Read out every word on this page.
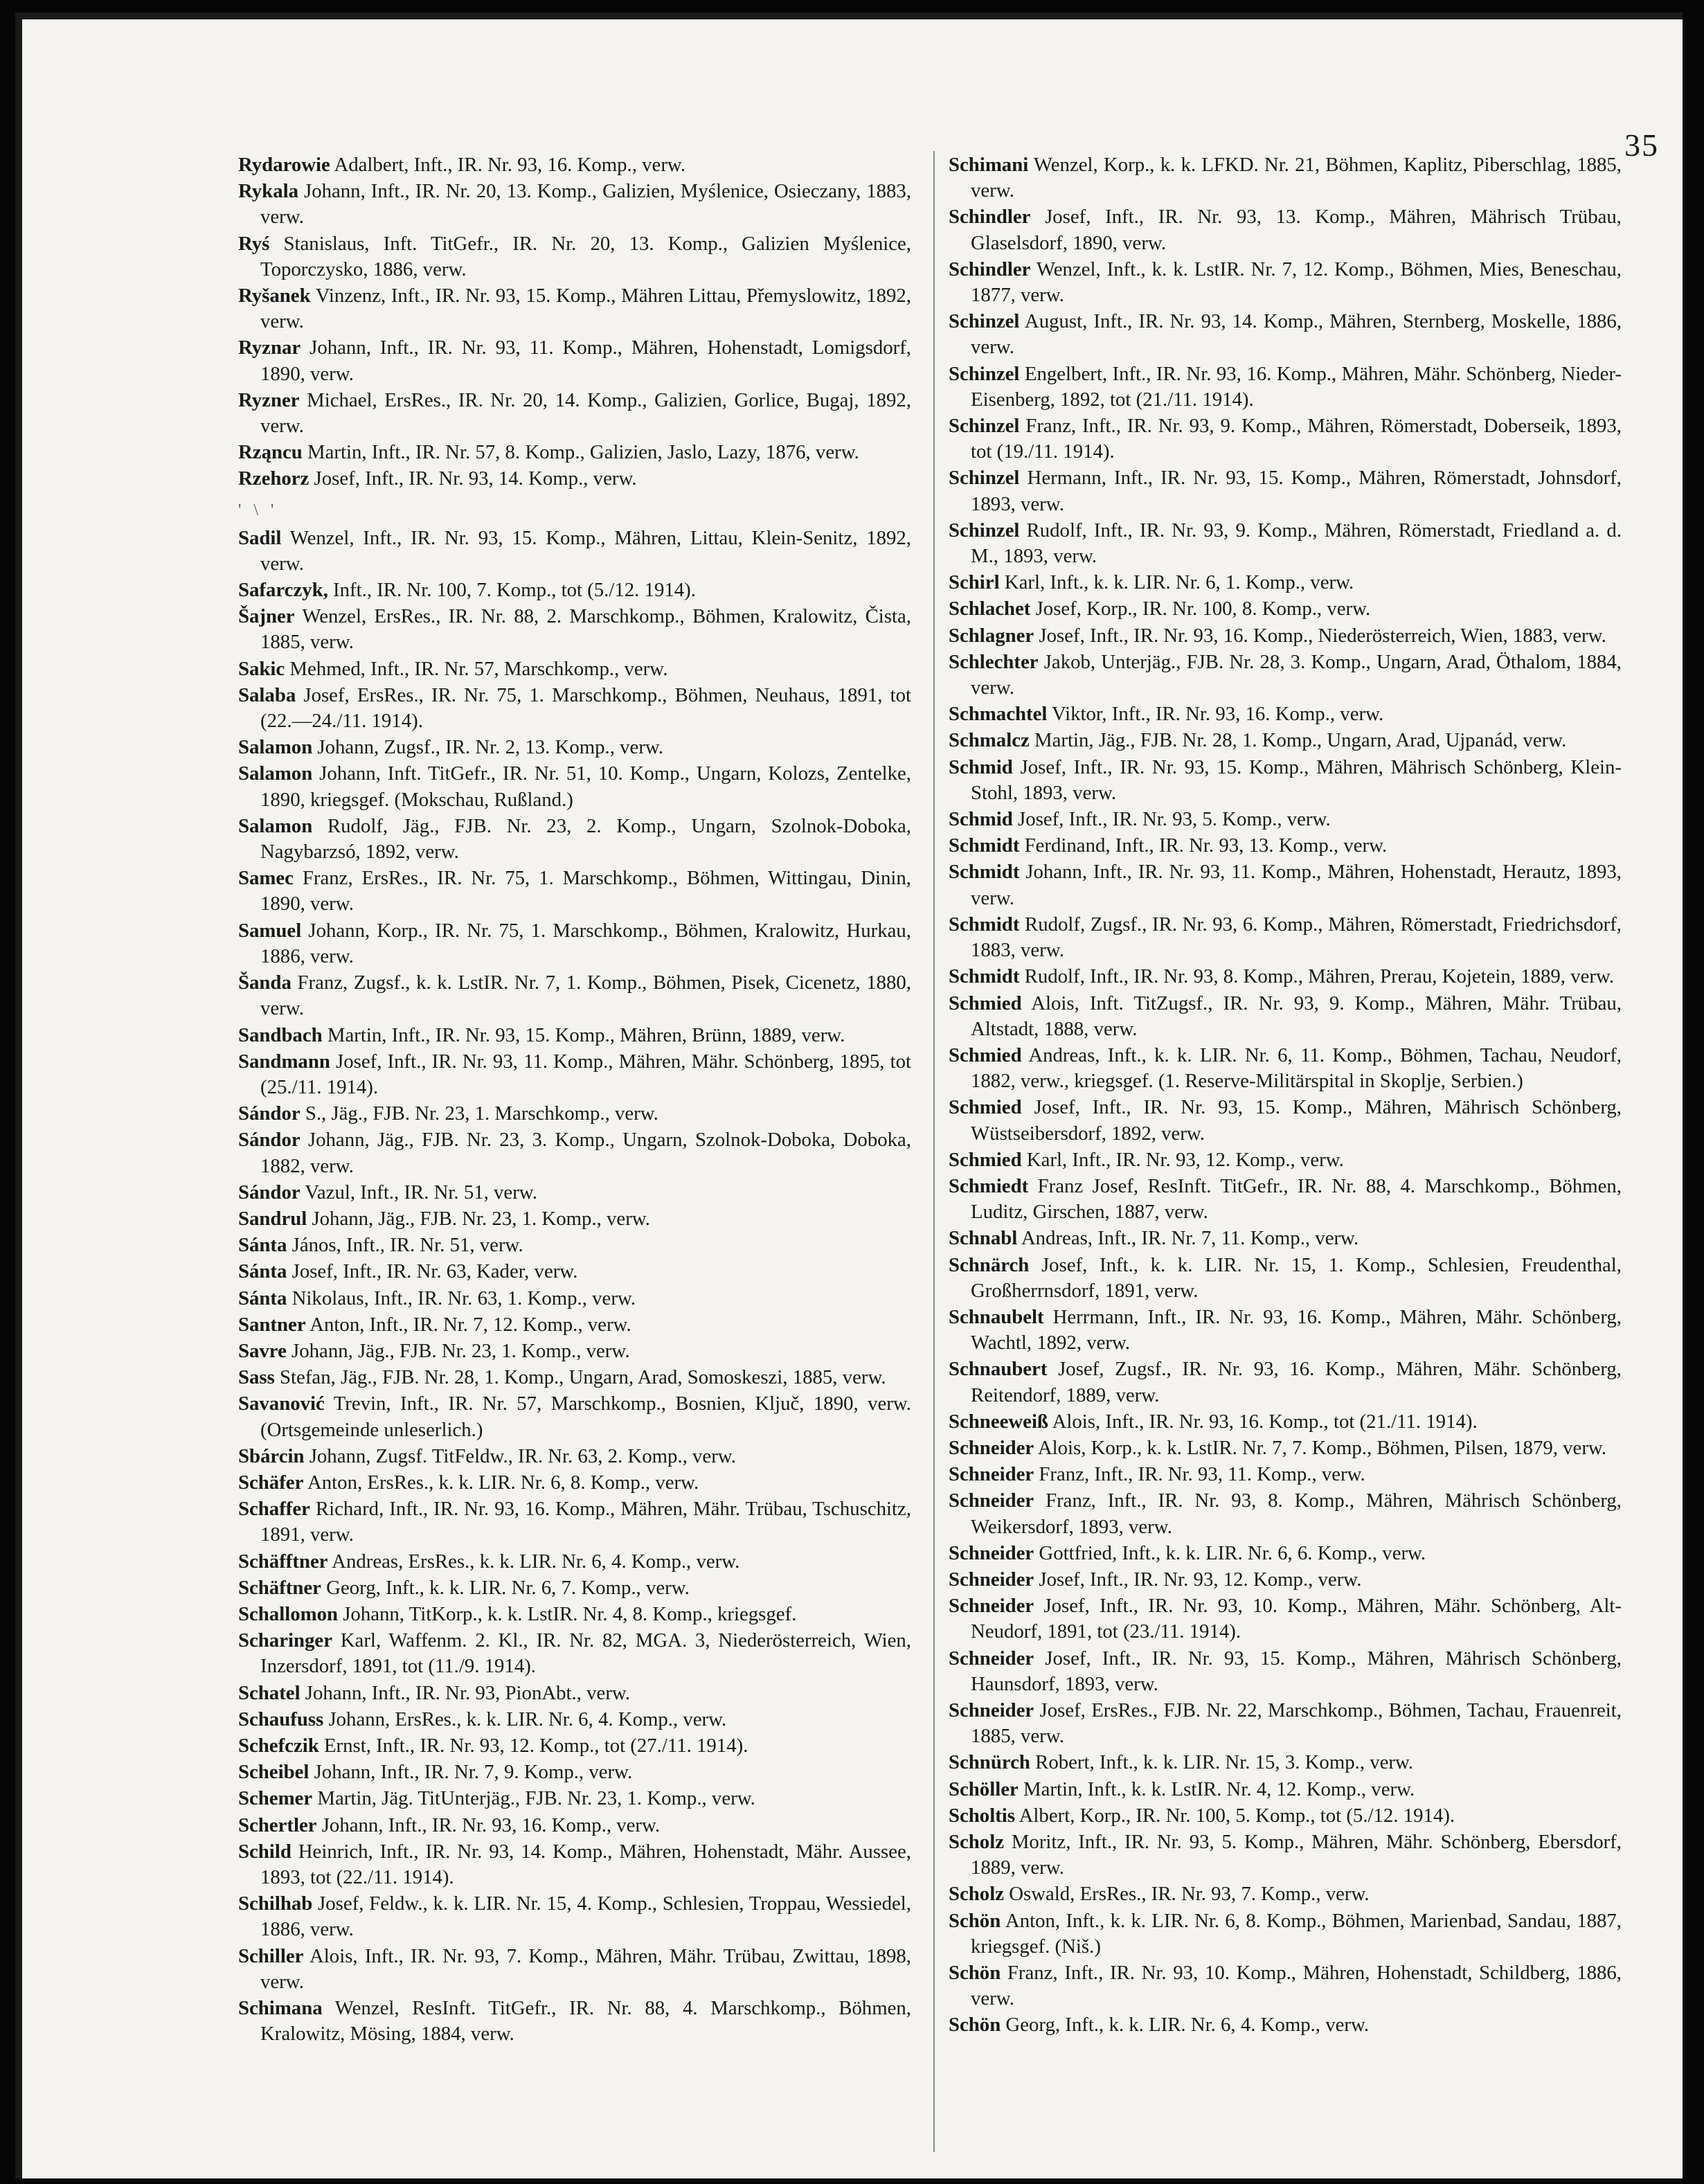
35
Rydarowie Adalbert, Inft., IR. Nr. 93, 16. Komp., verw.
Rykala Johann, Inft., IR. Nr. 20, 13. Komp., Galizien, Myślenice, Osieczany, 1883, verw.
Ryś Stanislaus, Inft. TitGefr., IR. Nr. 20, 13. Komp., Galizien Myślenice, Toporczysko, 1886, verw.
Ryšanek Vinzenz, Inft., IR. Nr. 93, 15. Komp., Mähren Littau, Přemyslowitz, 1892, verw.
Ryznar Johann, Inft., IR. Nr. 93, 11. Komp., Mähren, Hohenstadt, Lomigsdorf, 1890, verw.
Ryzner Michael, ErsRes., IR. Nr. 20, 14. Komp., Galizien, Gorlice, Bugaj, 1892, verw.
Rząncu Martin, Inft., IR. Nr. 57, 8. Komp., Galizien, Jaslo, Lazy, 1876, verw.
Rzehorz Josef, Inft., IR. Nr. 93, 14. Komp., verw.
' \ '
Sadil Wenzel, Inft., IR. Nr. 93, 15. Komp., Mähren, Littau, Klein-Senitz, 1892, verw.
Safarczyk, Inft., IR. Nr. 100, 7. Komp., tot (5./12. 1914).
Šajner Wenzel, ErsRes., IR. Nr. 88, 2. Marschkomp., Böhmen, Kralowitz, Čista, 1885, verw.
Sakic Mehmed, Inft., IR. Nr. 57, Marschkomp., verw.
Salaba Josef, ErsRes., IR. Nr. 75, 1. Marschkomp., Böhmen, Neuhaus, 1891, tot (22.—24./11. 1914).
Salamon Johann, Zugsf., IR. Nr. 2, 13. Komp., verw.
Salamon Johann, Inft. TitGefr., IR. Nr. 51, 10. Komp., Ungarn, Kolozs, Zentelke, 1890, kriegsgef. (Mokschau, Rußland.)
Salamon Rudolf, Jäg., FJB. Nr. 23, 2. Komp., Ungarn, Szolnok-Doboka, Nagybarzsó, 1892, verw.
Samec Franz, ErsRes., IR. Nr. 75, 1. Marschkomp., Böhmen, Wittingau, Dinin, 1890, verw.
Samuel Johann, Korp., IR. Nr. 75, 1. Marschkomp., Böhmen, Kralowitz, Hurkau, 1886, verw.
Šanda Franz, Zugsf., k. k. LstIR. Nr. 7, 1. Komp., Böhmen, Pisek, Cicenetz, 1880, verw.
Sandbach Martin, Inft., IR. Nr. 93, 15. Komp., Mähren, Brünn, 1889, verw.
Sandmann Josef, Inft., IR. Nr. 93, 11. Komp., Mähren, Mähr. Schönberg, 1895, tot (25./11. 1914).
Sándor S., Jäg., FJB. Nr. 23, 1. Marschkomp., verw.
Sándor Johann, Jäg., FJB. Nr. 23, 3. Komp., Ungarn, Szolnok-Doboka, Doboka, 1882, verw.
Sándor Vazul, Inft., IR. Nr. 51, verw.
Sandrul Johann, Jäg., FJB. Nr. 23, 1. Komp., verw.
Sánta János, Inft., IR. Nr. 51, verw.
Sánta Josef, Inft., IR. Nr. 63, Kader, verw.
Sánta Nikolaus, Inft., IR. Nr. 63, 1. Komp., verw.
Santner Anton, Inft., IR. Nr. 7, 12. Komp., verw.
Savre Johann, Jäg., FJB. Nr. 23, 1. Komp., verw.
Sass Stefan, Jäg., FJB. Nr. 28, 1. Komp., Ungarn, Arad, Somoskeszi, 1885, verw.
Savanović Trevin, Inft., IR. Nr. 57, Marschkomp., Bosnien, Ključ, 1890, verw. (Ortsgemeinde unleserlich.)
Sbárcin Johann, Zugsf. TitFeldw., IR. Nr. 63, 2. Komp., verw.
Schäfer Anton, ErsRes., k. k. LIR. Nr. 6, 8. Komp., verw.
Schaffer Richard, Inft., IR. Nr. 93, 16. Komp., Mähren, Mähr. Trübau, Tschuschitz, 1891, verw.
Schäfftner Andreas, ErsRes., k. k. LIR. Nr. 6, 4. Komp., verw.
Schäftner Georg, Inft., k. k. LIR. Nr. 6, 7. Komp., verw.
Schallomon Johann, TitKorp., k. k. LstIR. Nr. 4, 8. Komp., kriegsgef.
Scharinger Karl, Waffenm. 2. Kl., IR. Nr. 82, MGA. 3, Niederösterreich, Wien, Inzersdorf, 1891, tot (11./9. 1914).
Schatel Johann, Inft., IR. Nr. 93, PionAbt., verw.
Schaufuss Johann, ErsRes., k. k. LIR. Nr. 6, 4. Komp., verw.
Schefczik Ernst, Inft., IR. Nr. 93, 12. Komp., tot (27./11. 1914).
Scheibel Johann, Inft., IR. Nr. 7, 9. Komp., verw.
Schemer Martin, Jäg. TitUnterjäg., FJB. Nr. 23, 1. Komp., verw.
Schertler Johann, Inft., IR. Nr. 93, 16. Komp., verw.
Schild Heinrich, Inft., IR. Nr. 93, 14. Komp., Mähren, Hohenstadt, Mähr. Aussee, 1893, tot (22./11. 1914).
Schilhab Josef, Feldw., k. k. LIR. Nr. 15, 4. Komp., Schlesien, Troppau, Wessiedel, 1886, verw.
Schiller Alois, Inft., IR. Nr. 93, 7. Komp., Mähren, Mähr. Trübau, Zwittau, 1898, verw.
Schimana Wenzel, ResInft. TitGefr., IR. Nr. 88, 4. Marschkomp., Böhmen, Kralowitz, Mösing, 1884, verw.
Schimani Wenzel, Korp., k. k. LFKD. Nr. 21, Böhmen, Kaplitz, Piberschlag, 1885, verw.
Schindler Josef, Inft., IR. Nr. 93, 13. Komp., Mähren, Mährisch Trübau, Glaselsdorf, 1890, verw.
Schindler Wenzel, Inft., k. k. LstIR. Nr. 7, 12. Komp., Böhmen, Mies, Beneschau, 1877, verw.
Schinzel August, Inft., IR. Nr. 93, 14. Komp., Mähren, Sternberg, Moskelle, 1886, verw.
Schinzel Engelbert, Inft., IR. Nr. 93, 16. Komp., Mähren, Mähr. Schönberg, Nieder-Eisenberg, 1892, tot (21./11. 1914).
Schinzel Franz, Inft., IR. Nr. 93, 9. Komp., Mähren, Römerstadt, Doberseik, 1893, tot (19./11. 1914).
Schinzel Hermann, Inft., IR. Nr. 93, 15. Komp., Mähren, Römerstadt, Johnsdorf, 1893, verw.
Schinzel Rudolf, Inft., IR. Nr. 93, 9. Komp., Mähren, Römerstadt, Friedland a. d. M., 1893, verw.
Schirl Karl, Inft., k. k. LIR. Nr. 6, 1. Komp., verw.
Schlachet Josef, Korp., IR. Nr. 100, 8. Komp., verw.
Schlagner Josef, Inft., IR. Nr. 93, 16. Komp., Niederösterreich, Wien, 1883, verw.
Schlechter Jakob, Unterjäg., FJB. Nr. 28, 3. Komp., Ungarn, Arad, Öthalom, 1884, verw.
Schmachtel Viktor, Inft., IR. Nr. 93, 16. Komp., verw.
Schmalcz Martin, Jäg., FJB. Nr. 28, 1. Komp., Ungarn, Arad, Ujpanád, verw.
Schmid Josef, Inft., IR. Nr. 93, 15. Komp., Mähren, Mährisch Schönberg, Klein-Stohl, 1893, verw.
Schmid Josef, Inft., IR. Nr. 93, 5. Komp., verw.
Schmidt Ferdinand, Inft., IR. Nr. 93, 13. Komp., verw.
Schmidt Johann, Inft., IR. Nr. 93, 11. Komp., Mähren, Hohenstadt, Herautz, 1893, verw.
Schmidt Rudolf, Zugsf., IR. Nr. 93, 6. Komp., Mähren, Römerstadt, Friedrichsdorf, 1883, verw.
Schmidt Rudolf, Inft., IR. Nr. 93, 8. Komp., Mähren, Prerau, Kojetein, 1889, verw.
Schmied Alois, Inft. TitZugsf., IR. Nr. 93, 9. Komp., Mähren, Mähr. Trübau, Altstadt, 1888, verw.
Schmied Andreas, Inft., k. k. LIR. Nr. 6, 11. Komp., Böhmen, Tachau, Neudorf, 1882, verw., kriegsgef. (1. Reserve-Militärspital in Skoplje, Serbien.)
Schmied Josef, Inft., IR. Nr. 93, 15. Komp., Mähren, Mährisch Schönberg, Wüstseibersdorf, 1892, verw.
Schmied Karl, Inft., IR. Nr. 93, 12. Komp., verw.
Schmiedt Franz Josef, ResInft. TitGefr., IR. Nr. 88, 4. Marschkomp., Böhmen, Luditz, Girschen, 1887, verw.
Schnabl Andreas, Inft., IR. Nr. 7, 11. Komp., verw.
Schnärch Josef, Inft., k. k. LIR. Nr. 15, 1. Komp., Schlesien, Freudenthal, Großherrnsdorf, 1891, verw.
Schnaubelt Herrmann, Inft., IR. Nr. 93, 16. Komp., Mähren, Mähr. Schönberg, Wachtl, 1892, verw.
Schnaubert Josef, Zugsf., IR. Nr. 93, 16. Komp., Mähren, Mähr. Schönberg, Reitendorf, 1889, verw.
Schneeweiß Alois, Inft., IR. Nr. 93, 16. Komp., tot (21./11. 1914).
Schneider Alois, Korp., k. k. LstIR. Nr. 7, 7. Komp., Böhmen, Pilsen, 1879, verw.
Schneider Franz, Inft., IR. Nr. 93, 11. Komp., verw.
Schneider Franz, Inft., IR. Nr. 93, 8. Komp., Mähren, Mährisch Schönberg, Weikersdorf, 1893, verw.
Schneider Gottfried, Inft., k. k. LIR. Nr. 6, 6. Komp., verw.
Schneider Josef, Inft., IR. Nr. 93, 12. Komp., verw.
Schneider Josef, Inft., IR. Nr. 93, 10. Komp., Mähren, Mähr. Schönberg, Alt-Neudorf, 1891, tot (23./11. 1914).
Schneider Josef, Inft., IR. Nr. 93, 15. Komp., Mähren, Mährisch Schönberg, Haunsdorf, 1893, verw.
Schneider Josef, ErsRes., FJB. Nr. 22, Marschkomp., Böhmen, Tachau, Frauenreit, 1885, verw.
Schnürch Robert, Inft., k. k. LIR. Nr. 15, 3. Komp., verw.
Schöller Martin, Inft., k. k. LstIR. Nr. 4, 12. Komp., verw.
Scholtis Albert, Korp., IR. Nr. 100, 5. Komp., tot (5./12. 1914).
Scholz Moritz, Inft., IR. Nr. 93, 5. Komp., Mähren, Mähr. Schönberg, Ebersdorf, 1889, verw.
Scholz Oswald, ErsRes., IR. Nr. 93, 7. Komp., verw.
Schön Anton, Inft., k. k. LIR. Nr. 6, 8. Komp., Böhmen, Marienbad, Sandau, 1887, kriegsgef. (Niš.)
Schön Franz, Inft., IR. Nr. 93, 10. Komp., Mähren, Hohenstadt, Schildberg, 1886, verw.
Schön Georg, Inft., k. k. LIR. Nr. 6, 4. Komp., verw.
